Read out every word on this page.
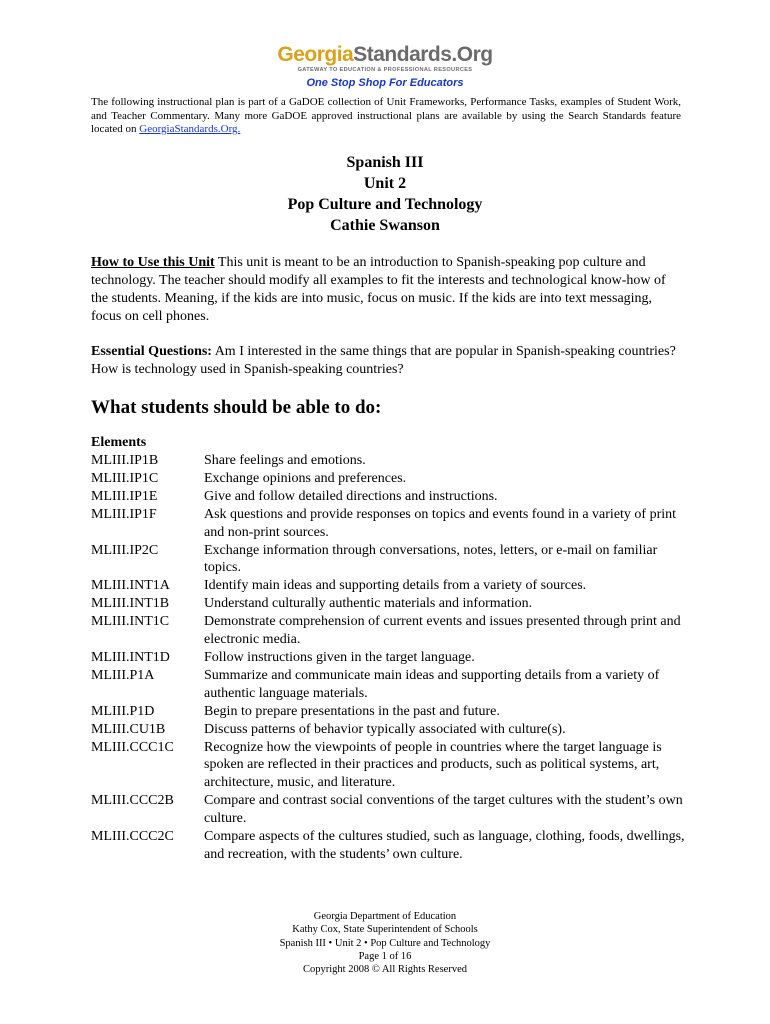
GeorgiaStandards.Org
GATEWAY TO EDUCATION & PROFESSIONAL RESOURCES
One Stop Shop For Educators
The following instructional plan is part of a GaDOE collection of Unit Frameworks, Performance Tasks, examples of Student Work, and Teacher Commentary. Many more GaDOE approved instructional plans are available by using the Search Standards feature located on GeorgiaStandards.Org.
Spanish III
Unit 2
Pop Culture and Technology
Cathie Swanson
How to Use this Unit This unit is meant to be an introduction to Spanish-speaking pop culture and technology. The teacher should modify all examples to fit the interests and technological know-how of the students. Meaning, if the kids are into music, focus on music. If the kids are into text messaging, focus on cell phones.
Essential Questions: Am I interested in the same things that are popular in Spanish-speaking countries? How is technology used in Spanish-speaking countries?
What students should be able to do:
Elements
MLIII.IP1B	Share feelings and emotions.
MLIII.IP1C	Exchange opinions and preferences.
MLIII.IP1E	Give and follow detailed directions and instructions.
MLIII.IP1F	Ask questions and provide responses on topics and events found in a variety of print and non-print sources.
MLIII.IP2C	Exchange information through conversations, notes, letters, or e-mail on familiar topics.
MLIII.INT1A	Identify main ideas and supporting details from a variety of sources.
MLIII.INT1B	Understand culturally authentic materials and information.
MLIII.INT1C	Demonstrate comprehension of current events and issues presented through print and electronic media.
MLIII.INT1D	Follow instructions given in the target language.
MLIII.P1A	Summarize and communicate main ideas and supporting details from a variety of authentic language materials.
MLIII.P1D	Begin to prepare presentations in the past and future.
MLIII.CU1B	Discuss patterns of behavior typically associated with culture(s).
MLIII.CCC1C	Recognize how the viewpoints of people in countries where the target language is spoken are reflected in their practices and products, such as political systems, art, architecture, music, and literature.
MLIII.CCC2B	Compare and contrast social conventions of the target cultures with the student’s own culture.
MLIII.CCC2C	Compare aspects of the cultures studied, such as language, clothing, foods, dwellings, and recreation, with the students’ own culture.
Georgia Department of Education
Kathy Cox, State Superintendent of Schools
Spanish III • Unit 2 • Pop Culture and Technology
Page 1 of 16
Copyright 2008 © All Rights Reserved
